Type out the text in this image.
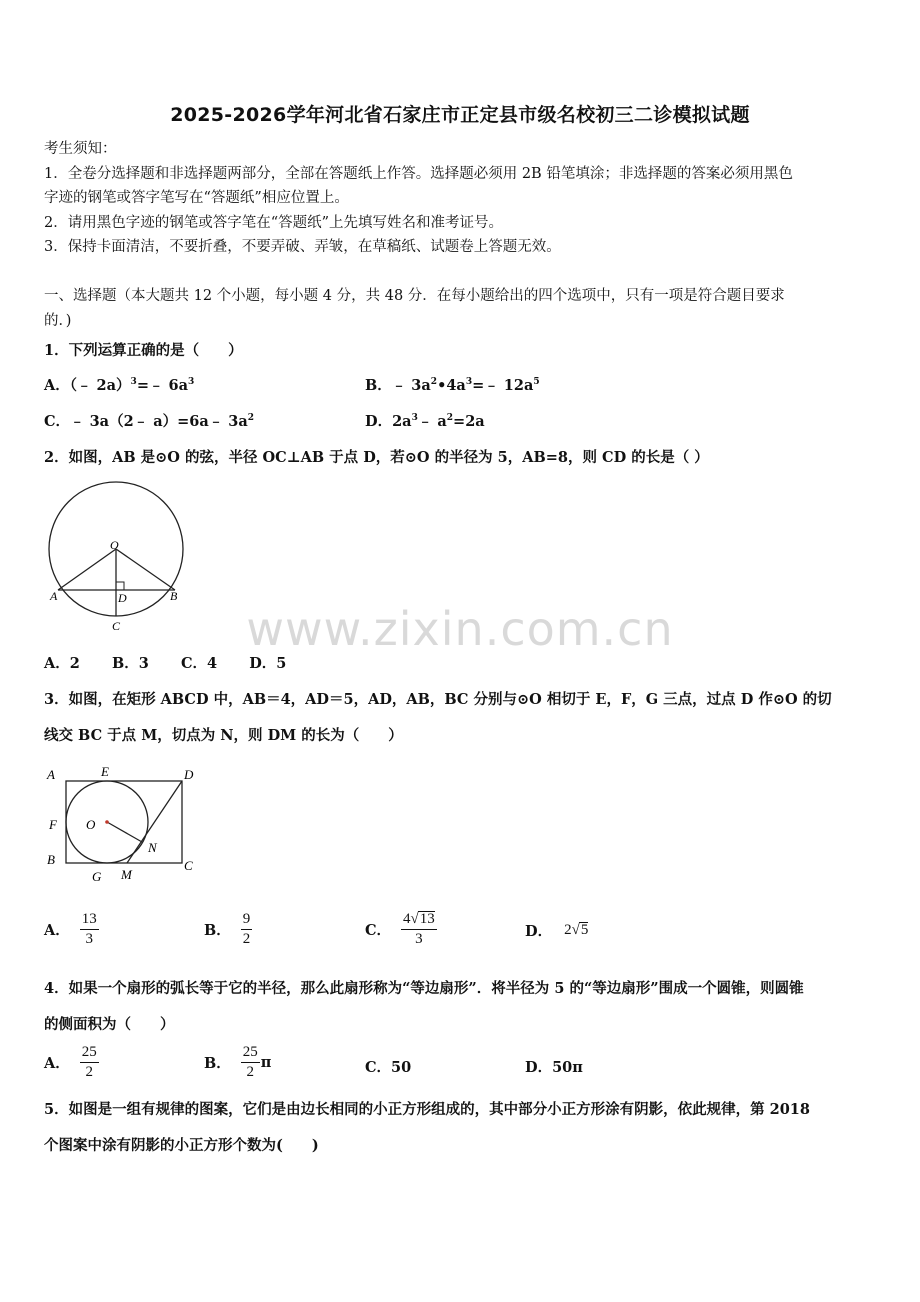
2025-2026学年河北省石家庄市正定县市级名校初三二诊模拟试题
考生须知：
1．全卷分选择题和非选择题两部分，全部在答题纸上作答。选择题必须用 2B 铅笔填涂；非选择题的答案必须用黑色
字迹的钢笔或答字笔写在“答题纸”相应位置上。
2．请用黑色字迹的钢笔或答字笔在“答题纸”上先填写姓名和准考证号。
3．保持卡面清洁，不要折叠，不要弄破、弄皱，在草稿纸、试题卷上答题无效。
一、选择题（本大题共 12 个小题，每小题 4 分，共 48 分．在每小题给出的四个选项中，只有一项是符合题目要求
的．)
1．下列运算正确的是（　　）
A．（﹣ 2a）$^3$=﹣ $6a^3$	B．﹣ $3a^2•4a^3=﹣$ $12a^5$
C．﹣ 3a（2﹣ a）=6a﹣ $3a^2$	D．$2a^3﹣$ $a^2=2a$
2．如图，AB 是⊙O 的弦，半径 OC⊥AB 于点 D，若⊙O 的半径为 5，AB=8，则 CD 的长是（ ）
O
A	B
D
C
A．2 B．3 C．4 D．5
3．如图，在矩形 ABCD 中，AB＝4，AD＝5，AD，AB，BC 分别与⊙O 相切于 E，F，G 三点，过点 D 作⊙O 的切
线交 BC 于点 M，切点为 N，则 DM 的长为（　　）
A	E	D
F O
N
B
G M
C
A． $\frac{13}{3}$	B． $\frac{9}{2}$	C． $\frac{4√13}{3}$	D． 2√5
4．如果一个扇形的弧长等于它的半径，那么此扇形称为“等边扇形”．将半径为 5 的“等边扇形”围成一个圆锥，则圆锥
的侧面积为（　　）
A． $\frac{25}{2}$	B． $\frac{25}{2}$ π	C．50	D．50π
5．如图是一组有规律的图案，它们是由边长相同的小正方形组成的，其中部分小正方形涂有阴影，依此规律，第 2018
个图案中涂有阴影的小正方形个数为(　　)
www.zixin.com.cn
